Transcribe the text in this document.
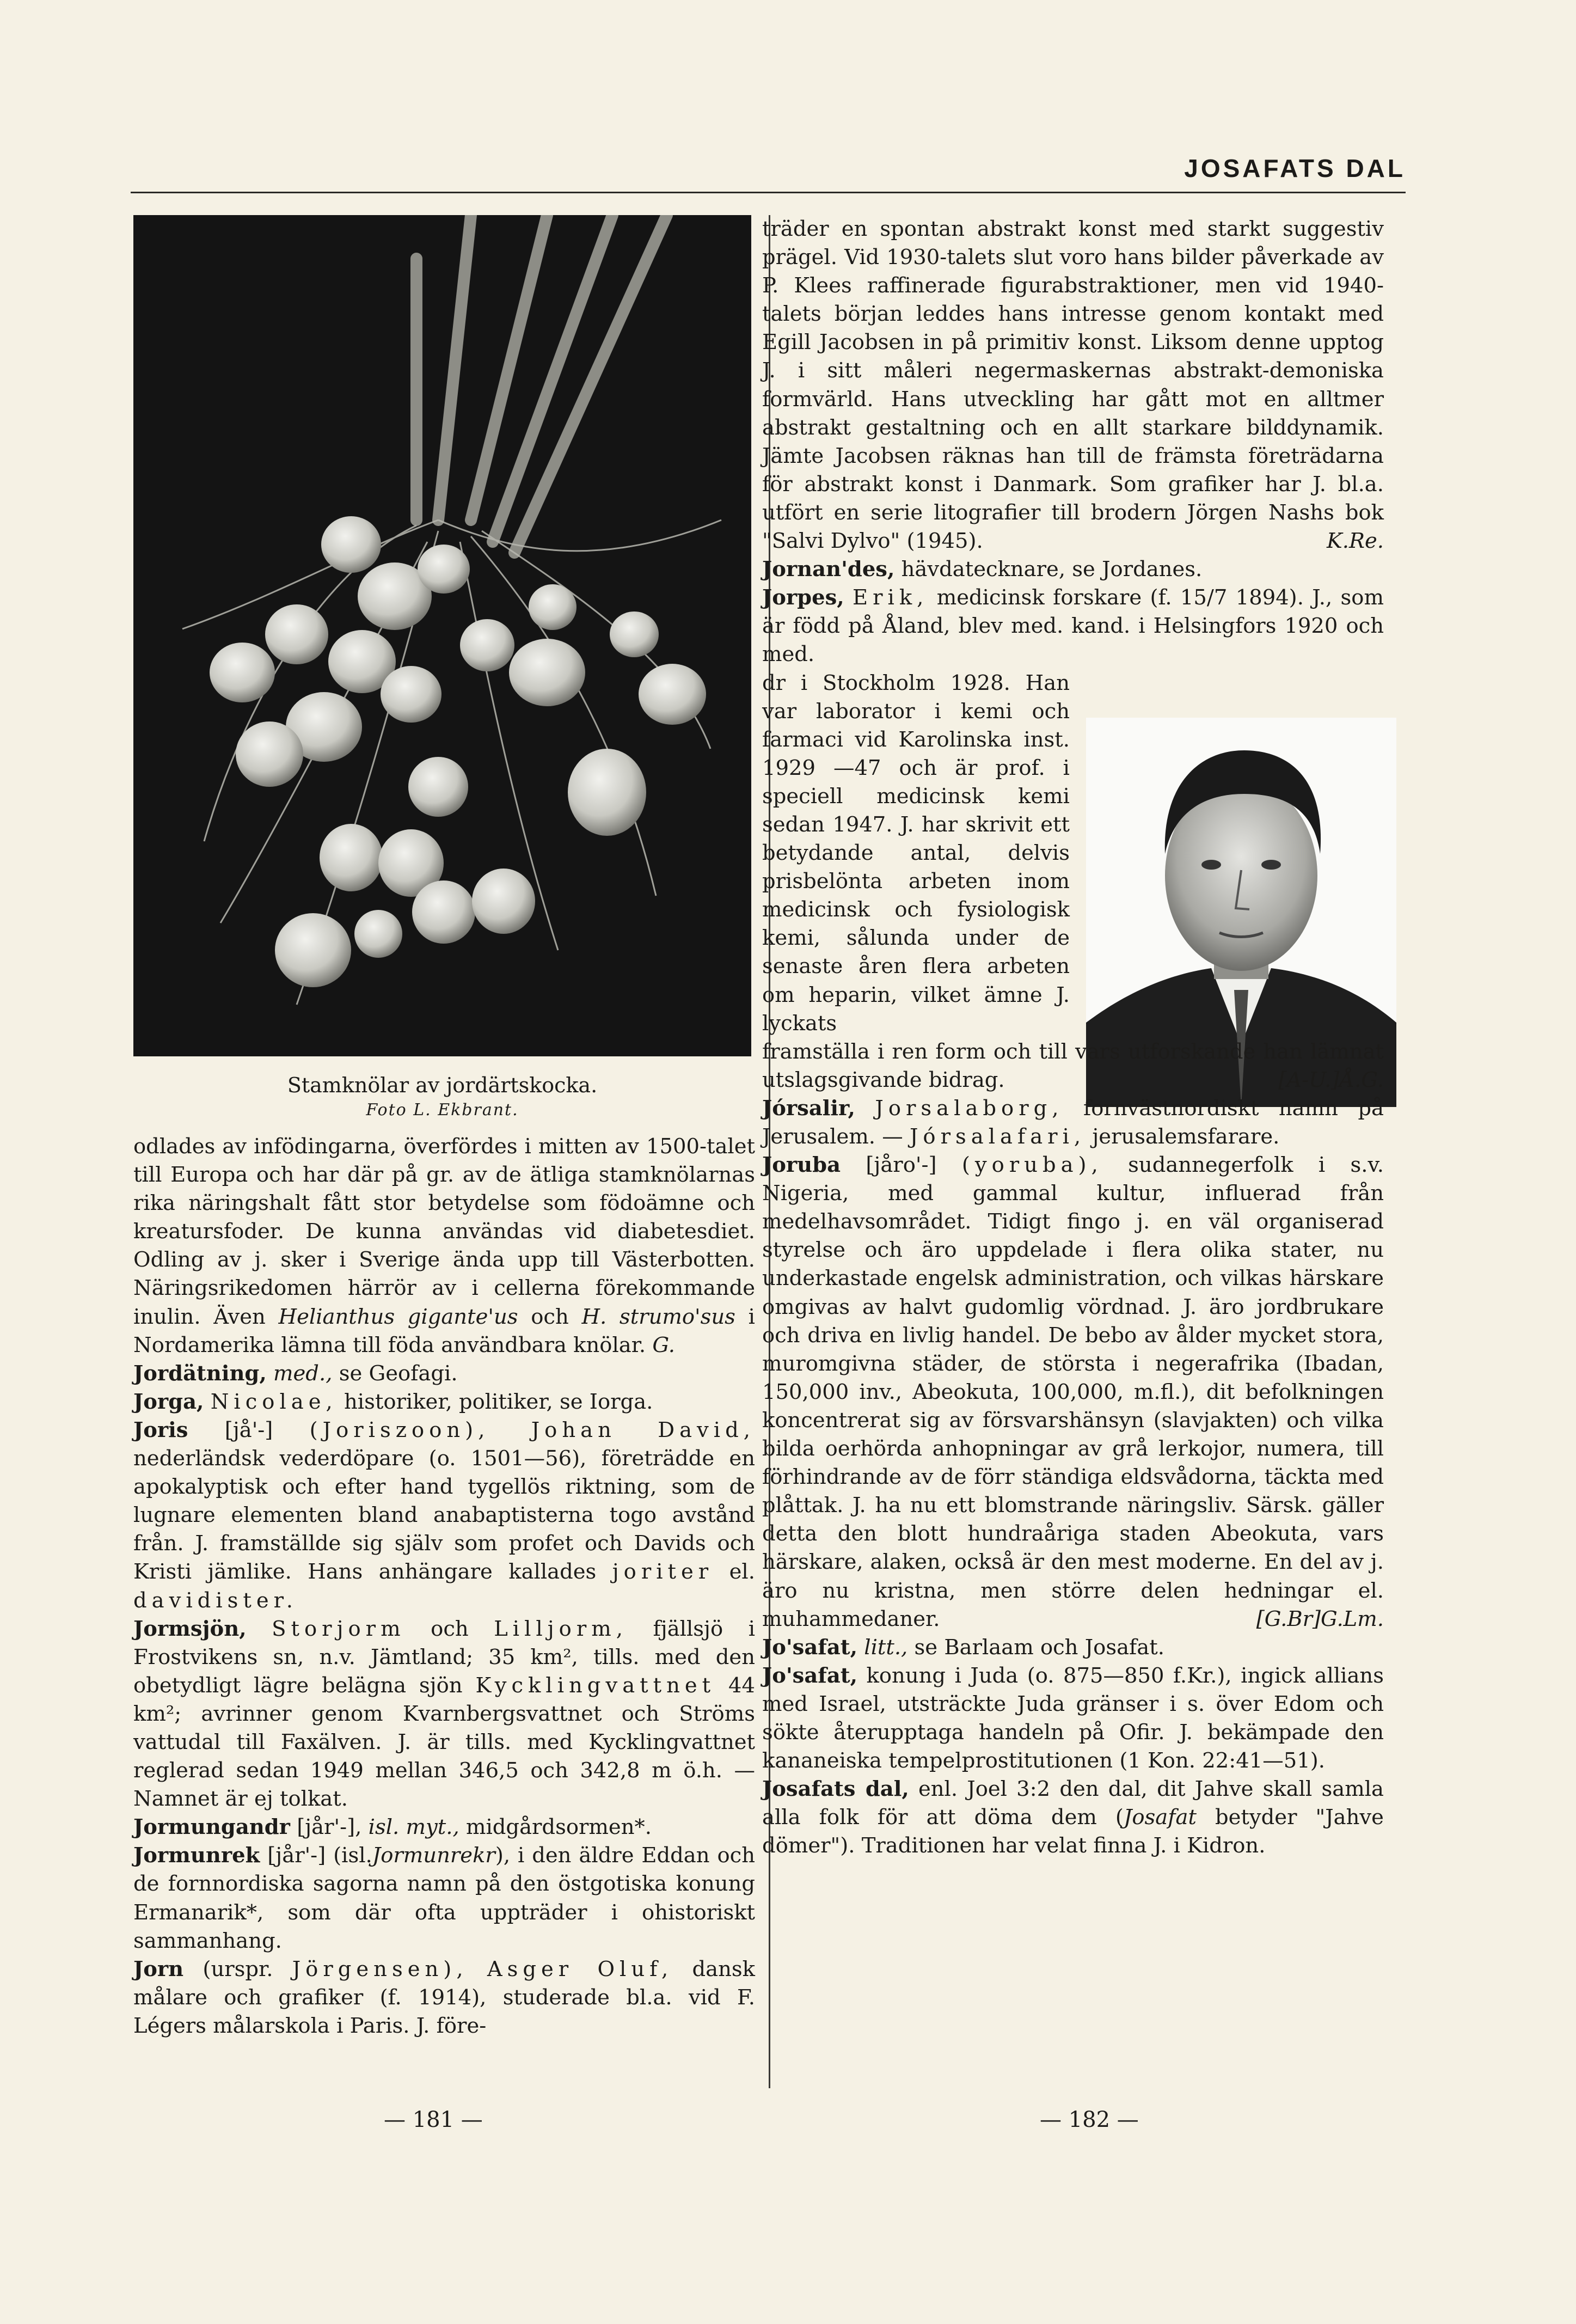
JOSAFATS DAL
Stamknölar av jordärtskocka.
Foto L. Ekbrant.

odlades av infödingarna, överfördes i mitten av 1500-talet till Europa och har där på gr. av de ätliga stamknölarnas rika näringshalt fått stor betydelse som födoämne och kreatursfoder. De kunna användas vid diabetesdiet. Odling av j. sker i Sverige ända upp till Västerbotten. Näringsrikedomen härrör av i cellerna förekommande inulin. Även Helianthus gigante'us och H. strumo'sus i Nordamerika lämna till föda användbara knölar. G.

Jordätning, med., se Geofagi.

Jorga, Nicolae, historiker, politiker, se Iorga.

Joris [jå'-] (Joriszoon), Johan David, nederländsk vederdöpare (o. 1501—56), företrädde en apokalyptisk och efter hand tygellös riktning, som de lugnare elementen bland anabaptisterna togo avstånd från. J. framställde sig själv som profet och Davids och Kristi jämlike. Hans anhängare kallades joriter el. davidister.

Jormsjön, Storjorm och Lilljorm, fjällsjö i Frostvikens sn, n.v. Jämtland; 35 km², tills. med den obetydligt lägre belägna sjön Kycklingvattnet 44 km²; avrinner genom Kvarnbergsvattnet och Ströms vattudal till Faxälven. J. är tills. med Kycklingvattnet reglerad sedan 1949 mellan 346,5 och 342,8 m ö.h. — Namnet är ej tolkat.

Jormungandr [jår'-], isl. myt., midgårdsormen*.

Jormunrek [jår'-] (isl.Jormunrekr), i den äldre Eddan och de fornnordiska sagorna namn på den östgotiska konung Ermanarik*, som där ofta uppträder i ohistoriskt sammanhang.

Jorn (urspr. Jörgensen), Asger Oluf, dansk målare och grafiker (f. 1914), studerade bl.a. vid F. Légers målarskola i Paris. J. före-

träder en spontan abstrakt konst med starkt suggestiv prägel. Vid 1930-talets slut voro hans bilder påverkade av P. Klees raffinerade figurabstraktioner, men vid 1940-talets början leddes hans intresse genom kontakt med Egill Jacobsen in på primitiv konst. Liksom denne upptog J. i sitt måleri negermaskernas abstrakt-demoniska formvärld. Hans utveckling har gått mot en alltmer abstrakt gestaltning och en allt starkare bilddynamik. Jämte Jacobsen räknas han till de främsta företrädarna för abstrakt konst i Danmark. Som grafiker har J. bl.a. utfört en serie litografier till brodern Jörgen Nashs bok "Salvi Dylvo" (1945).	K.Re.

Jornan'des, hävdatecknare, se Jordanes.

Jorpes, Erik, medicinsk forskare (f. 15/7 1894). J., som är född på Åland, blev med. kand. i Helsingfors 1920 och med.

dr i Stockholm 1928. Han var laborator i kemi och farmaci vid Karolinska inst. 1929 —47 och är prof. i speciell medicinsk kemi sedan 1947. J. har skrivit ett betydande antal, delvis prisbelönta arbeten inom medicinsk och fysiologisk kemi, sålunda under de senaste åren flera arbeten om heparin, vilket ämne J. lyckats

framställa i ren form och till vars utforskande han lämnat utslagsgivande bidrag.	[A-U.]Å.G.

Jórsalir, Jorsalaborg, fornvästnordiskt namn på Jerusalem. — Jórsalafari, jerusalemsfarare.

Joruba [jåro'-] (yoruba), sudannegerfolk i s.v. Nigeria, med gammal kultur, influerad från medelhavsområdet. Tidigt fingo j. en väl organiserad styrelse och äro uppdelade i flera olika stater, nu underkastade engelsk administration, och vilkas härskare omgivas av halvt gudomlig vördnad. J. äro jordbrukare och driva en livlig handel. De bebo av ålder mycket stora, muromgivna städer, de största i negerafrika (Ibadan, 150,000 inv., Abeokuta, 100,000, m.fl.), dit befolkningen koncentrerat sig av försvarshänsyn (slavjakten) och vilka bilda oerhörda anhopningar av grå lerkojor, numera, till förhindrande av de förr ständiga eldsvådorna, täckta med plåttak. J. ha nu ett blomstrande näringsliv. Särsk. gäller detta den blott hundraåriga staden Abeokuta, vars härskare, alaken, också är den mest moderne. En del av j. äro nu kristna, men större delen hedningar el. muhammedaner.	[G.Br]G.Lm.

Jo'safat, litt., se Barlaam och Josafat.

Jo'safat, konung i Juda (o. 875—850 f.Kr.), ingick allians med Israel, utsträckte Juda gränser i s. över Edom och sökte återupptaga handeln på Ofir. J. bekämpade den kananeiska tempelprostitutionen (1 Kon. 22:41—51).

Josafats dal, enl. Joel 3:2 den dal, dit Jahve skall samla alla folk för att döma dem (Josafat betyder "Jahve dömer"). Traditionen har velat finna J. i Kidron.

— 181 —	— 182 —
